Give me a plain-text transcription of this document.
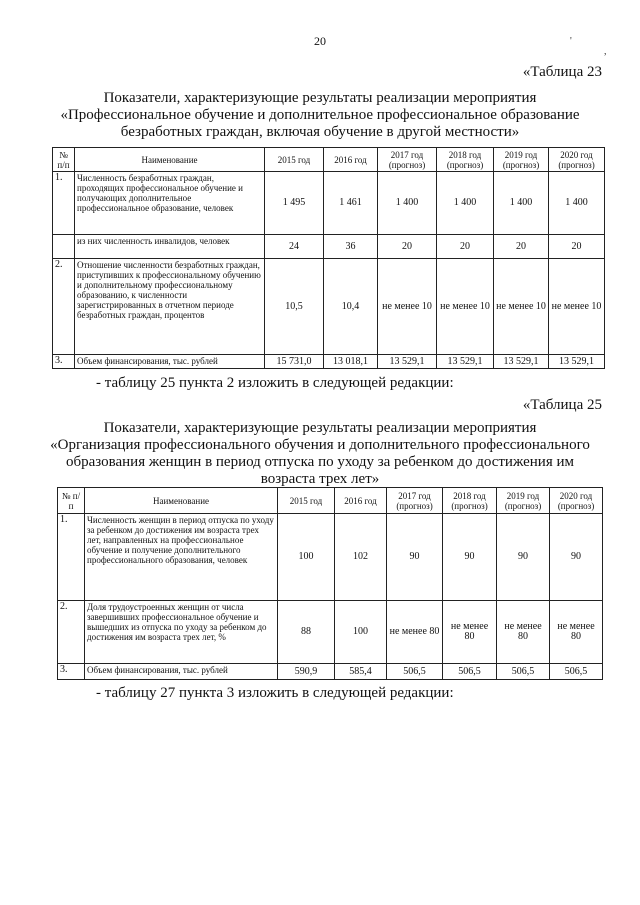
20	'
,
«Таблица 23
Показатели, характеризующие результаты реализации мероприятия
«Профессиональное обучение и дополнительное профессиональное образование
безработных граждан, включая обучение в другой местности»
№ п/п	Наименование	2015 год	2016 год	2017 год (прогноз)	2018 год (прогноз)	2019 год (прогноз)	2020 год (прогноз)
1.	Численность безработных граждан, проходящих профессиональное обучение и получающих дополнительное профессиональное образование, человек	1 495	1 461	1 400	1 400	1 400	1 400
	из них численность инвалидов, человек	24	36	20	20	20	20
2.	Отношение численности безработных граждан, приступивших к профессиональному обучению и дополнительному профессиональному образованию, к численности зарегистрированных в отчетном периоде безработных граждан, процентов	10,5	10,4	не менее 10	не менее 10	не менее 10	не менее 10
3.	Объем финансирования, тыс. рублей	15 731,0	13 018,1	13 529,1	13 529,1	13 529,1	13 529,1
- таблицу 25 пункта 2 изложить в следующей редакции:
«Таблица 25
Показатели, характеризующие результаты реализации мероприятия
«Организация профессионального обучения и дополнительного профессионального
образования женщин в период отпуска по уходу за ребенком до достижения им
возраста трех лет»
№ п/п	Наименование	2015 год	2016 год	2017 год (прогноз)	2018 год (прогноз)	2019 год (прогноз)	2020 год (прогноз)
1.	Численность женщин в период отпуска по уходу за ребенком до достижения им возраста трех лет, направленных на профессиональное обучение и получение дополнительного профессионального образования, человек	100	102	90	90	90	90
2.	Доля трудоустроенных женщин от числа завершивших профессиональное обучение и вышедших из отпуска по уходу за ребенком до достижения им возраста трех лет, %	88	100	не менее 80	не менее 80	не менее 80	не менее 80
3.	Объем финансирования, тыс. рублей	590,9	585,4	506,5	506,5	506,5	506,5
- таблицу 27 пункта 3 изложить в следующей редакции:
